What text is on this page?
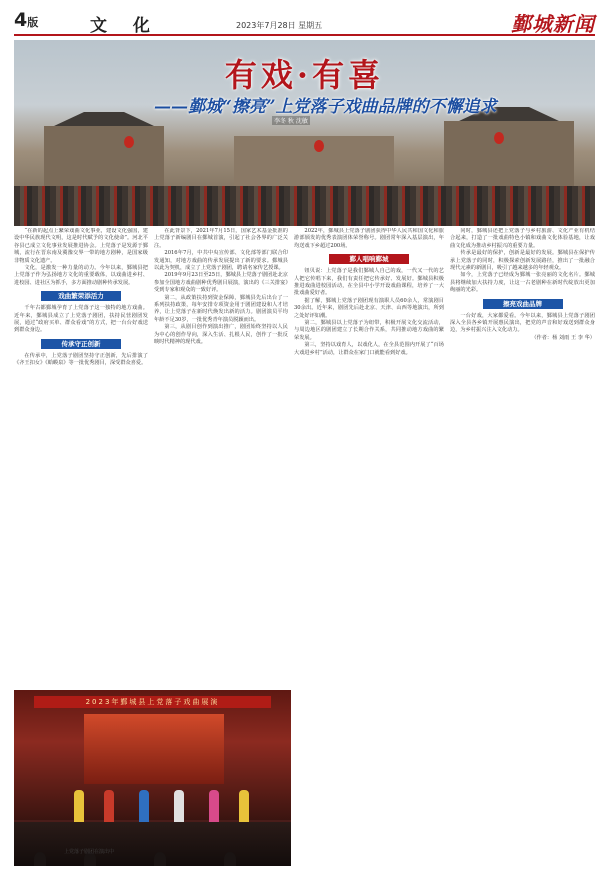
4版	文 化	2023年7月28日 星期五	鄞城新闻
有戏·有喜
——鄞城“擦亮”上党落子戏曲品牌的不懈追求
李冬 秋 沈敏

“在新的起点上繁荣戏曲文化事业，建设文化强国，建设中华民族现代文明，这是时代赋予的文化使命”。河北平谷县已成立文化事业发展推进协会。上党落子是发源于鄞城，流行在晋东南及冀豫交界一带的地方剧种，是国家级非物质文化遗产。

文化，是激发一种力量的动力。今年以来，鄞城县把上党落子作为弘扬地方文化的重要载体，以戏曲进乡村、进校园、进社区为抓手，多方面推动剧种传承发展。

戏曲繁荣添活力

千年古都鄞城孕育了上党落子这一独特的地方戏曲。近年来，鄞城县成立了上党落子剧团，扶持民营剧团发展，通过“政府买单、群众看戏”的方式，把一台台好戏送到群众身边。

传承守正创新

在传承中，上党落子剧团坚持守正创新，先后排演了《齐王扣女》《蛤蟆泉》等一批优秀剧目，深受群众喜爱。

在此背景下，2021年7月15日，国家艺术基金批准的上党落子新编剧目在鄞城首演，引起了社会各界的广泛关注。

2016年7月，中共中央宣传部、文化部等部门联合印发通知，对地方戏曲的传承发展提出了新的要求。鄞城县以此为契机，成立了上党落子剧团，聘请名家传艺授课。

2019年9月23日至25日，鄞城县上党落子剧团赴北京参加全国地方戏曲剧种优秀剧目展演，演出的《三关排宴》受到专家和观众的一致好评。

第二，从政策扶持到资金保障，鄞城县先后出台了一系列扶持政策，每年安排专项资金用于剧团建设和人才培养，让上党落子在新时代焕发出新的活力。剧团演员平均年龄不足30岁，一批优秀青年演员脱颖而出。

第三，从剧目创作到演出推广，剧团始终坚持以人民为中心的创作导向，深入生活、扎根人民，创作了一批反映时代精神的现代戏。

2022年，鄞城县上党落子剧团获得中华人民共和国文化和旅游部颁发的优秀表演团体荣誉称号。剧团常年深入基层演出，年均送戏下乡超过200场。

鄞人唱响鄞城

钮贝说：上党落子是我们鄞城人自己的戏，一代又一代的艺人把它传唱下来，我们有责任把它传承好、发展好。鄞城县积极推进戏曲进校园活动，在全县中小学开设戏曲课程，培养了一大批戏曲爱好者。

据了解，鄞城上党落子剧团现有演职人员60余人，常演剧目30余出。近年来，剧团先后赴北京、天津、山西等地演出，所到之处好评如潮。

第二，鄞城县以上党落子为纽带，积极开展文化交流活动，与周边地区的剧团建立了长期合作关系，共同推动地方戏曲的繁荣发展。

第三，坚持以戏育人，以戏化人，在全县范围内开展了“百场大戏进乡村”活动，让群众在家门口就能看到好戏。

同时，鄞城县还把上党落子与乡村旅游、文化产业有机结合起来，打造了一批戏曲特色小镇和戏曲文化体验基地，让戏曲文化成为推动乡村振兴的重要力量。

传承是最好的保护，创新是最好的发展。鄞城县在保护传承上党落子的同时，积极探索创新发展路径，推出了一批融合现代元素的新剧目，吸引了越来越多的年轻观众。

如今，上党落子已经成为鄞城一张亮丽的文化名片。鄞城县将继续加大扶持力度，让这一古老剧种在新时代绽放出更加绚丽的光彩。

擦亮戏曲品牌

一台好戏，大家都爱看。今年以来，鄞城县上党落子剧团深入全县各乡镇开展惠民演出，把党的声音和好戏送到群众身边，为乡村振兴注入文化动力。

（作者：杨 刘雨 王 李 华）

2023年鄞城县上党落子戏曲展演
上党落子剧团在演出中
